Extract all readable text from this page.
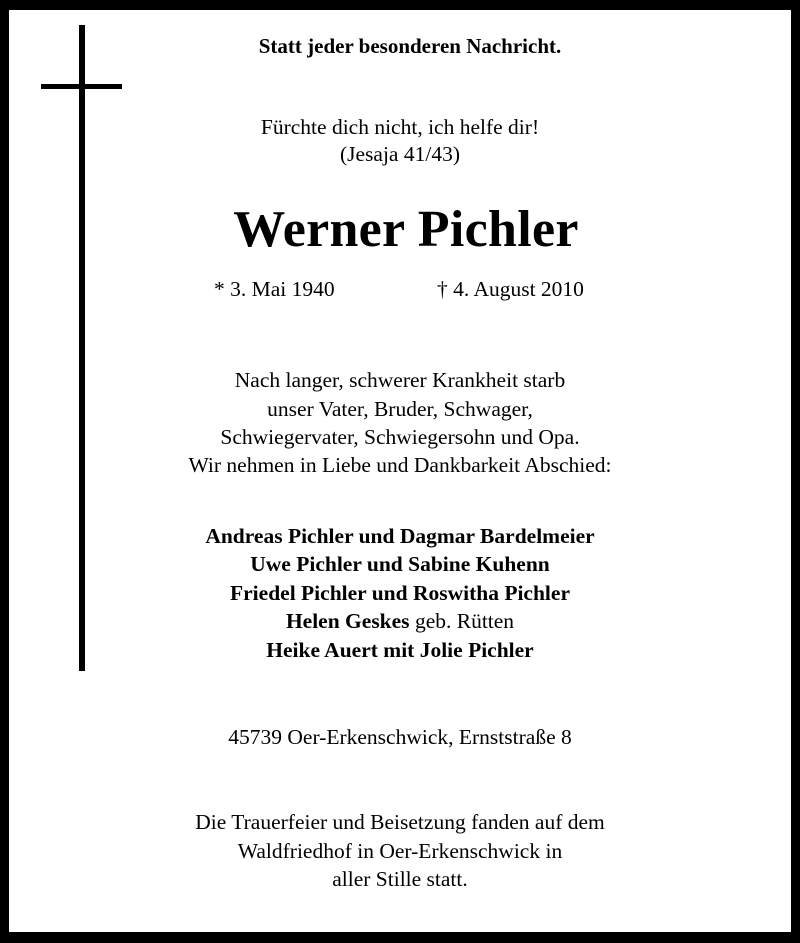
Statt jeder besonderen Nachricht.
Fürchte dich nicht, ich helfe dir!
(Jesaja 41/43)
Werner Pichler
* 3. Mai 1940	† 4. August 2010
Nach langer, schwerer Krankheit starb
unser Vater, Bruder, Schwager,
Schwiegervater, Schwiegersohn und Opa.
Wir nehmen in Liebe und Dankbarkeit Abschied:
Andreas Pichler und Dagmar Bardelmeier
Uwe Pichler und Sabine Kuhenn
Friedel Pichler und Roswitha Pichler
Helen Geskes geb. Rütten
Heike Auert mit Jolie Pichler
45739 Oer-Erkenschwick, Ernststraße 8
Die Trauerfeier und Beisetzung fanden auf dem
Waldfriedhof in Oer-Erkenschwick in
aller Stille statt.
